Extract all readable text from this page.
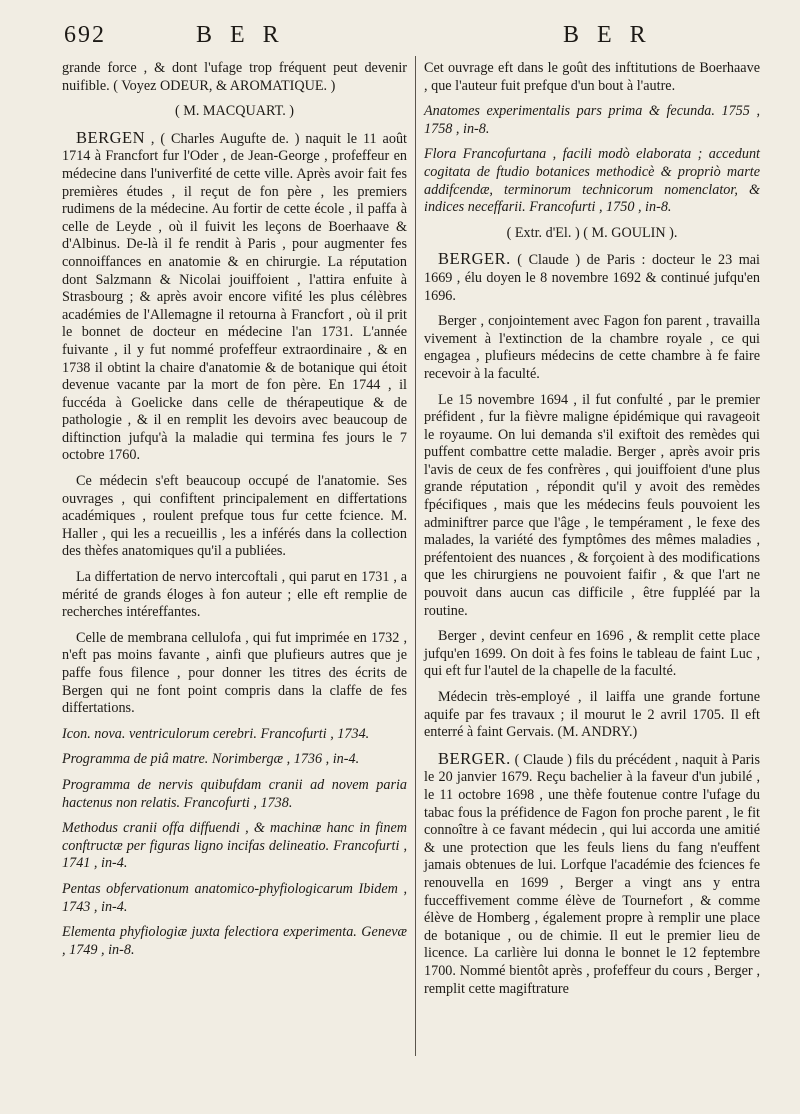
692	B E R	B E R

grande force , & dont l'ufage trop fréquent peut devenir nuifible. ( Voyez ODEUR, & AROMATIQUE. )

( M. MACQUART. )

BERGEN , ( Charles Augufte de. ) naquit le 11 août 1714 à Francfort fur l'Oder , de Jean-George , profeffeur en médecine dans l'univerfité de cette ville. Après avoir fait fes premières études , il reçut de fon père , les premiers rudimens de la médecine. Au fortir de cette école , il paffa à celle de Leyde , où il fuivit les leçons de Boerhaave & d'Albinus. De-là il fe rendit à Paris , pour augmenter fes connoiffances en anatomie & en chirurgie. La réputation dont Salzmann & Nicolai jouiffoient , l'attira enfuite à Strasbourg ; & après avoir encore vifité les plus célèbres académies de l'Allemagne il retourna à Francfort , où il prit le bonnet de docteur en médecine l'an 1731. L'année fuivante , il y fut nommé profeffeur extraordinaire , & en 1738 il obtint la chaire d'anatomie & de botanique qui étoit devenue vacante par la mort de fon père. En 1744 , il fuccéda à Goelicke dans celle de thérapeutique & de pathologie , & il en remplit les devoirs avec beaucoup de diftinction jufqu'à la maladie qui termina fes jours le 7 octobre 1760.

Ce médecin s'eft beaucoup occupé de l'anatomie. Ses ouvrages , qui confiftent principalement en differtations académiques , roulent prefque tous fur cette fcience. M. Haller , qui les a recueillis , les a inférés dans la collection des thèfes anatomiques qu'il a publiées.

La differtation de nervo intercoftali , qui parut en 1731 , a mérité de grands éloges à fon auteur ; elle eft remplie de recherches intéreffantes.

Celle de membrana cellulofa , qui fut imprimée en 1732 , n'eft pas moins favante , ainfi que plufieurs autres que je paffe fous filence , pour donner les titres des écrits de Bergen qui ne font point compris dans la claffe de fes differtations.

Icon. nova. ventriculorum cerebri. Francofurti , 1734.

Programma de piâ matre. Norimbergæ , 1736 , in-4.

Programma de nervis quibufdam cranii ad novem paria hactenus non relatis. Francofurti , 1738.

Methodus cranii offa diffuendi , & machinæ hanc in finem conftructæ per figuras ligno incifas delineatio. Francofurti , 1741 , in-4.

Pentas obfervationum anatomico-phyfiologicarum Ibidem , 1743 , in-4.

Elementa phyfiologiæ juxta felectiora experimenta. Genevæ , 1749 , in-8.

Cet ouvrage eft dans le goût des inftitutions de Boerhaave , que l'auteur fuit prefque d'un bout à l'autre.

Anatomes experimentalis pars prima & fecunda. 1755 , 1758 , in-8.

Flora Francofurtana , facili modò elaborata ; accedunt cogitata de ftudio botanices methodicè & propriò marte addifcendæ, terminorum technicorum nomenclator, & indices neceffarii. Francofurti , 1750 , in-8.

( Extr. d'El. ) ( M. GOULIN ).

BERGER. ( Claude ) de Paris : docteur le 23 mai 1669 , élu doyen le 8 novembre 1692 & continué jufqu'en 1696.

Berger , conjointement avec Fagon fon parent , travailla vivement à l'extinction de la chambre royale , ce qui engagea , plufieurs médecins de cette chambre à fe faire recevoir à la faculté.

Le 15 novembre 1694 , il fut confulté , par le premier préfident , fur la fièvre maligne épidémique qui ravageoit le royaume. On lui demanda s'il exiftoit des remèdes qui puffent combattre cette maladie. Berger , après avoir pris l'avis de ceux de fes confrères , qui jouiffoient d'une plus grande réputation , répondit qu'il y avoit des remèdes fpécifiques , mais que les médecins feuls pouvoient les adminiftrer parce que l'âge , le tempérament , le fexe des malades, la variété des fymptômes des mêmes maladies , préfentoient des nuances , & forçoient à des modifications que les chirurgiens ne pouvoient faifir , & que l'art ne pouvoit dans aucun cas difficile , être fuppléé par la routine.

Berger , devint cenfeur en 1696 , & remplit cette place jufqu'en 1699. On doit à fes foins le tableau de faint Luc , qui eft fur l'autel de la chapelle de la faculté.

Médecin très-employé , il laiffa une grande fortune aquife par fes travaux ; il mourut le 2 avril 1705. Il eft enterré à faint Gervais. (M. ANDRY.)

BERGER. ( Claude ) fils du précédent , naquit à Paris le 20 janvier 1679. Reçu bachelier à la faveur d'un jubilé , le 11 octobre 1698 , une thèfe foutenue contre l'ufage du tabac fous la préfidence de Fagon fon proche parent , le fit connoître à ce favant médecin , qui lui accorda une amitié & une protection que les feuls liens du fang n'euffent jamais obtenues de lui. Lorfque l'académie des fciences fe renouvella en 1699 , Berger a vingt ans y entra fucceffivement comme élève de Tournefort , & comme élève de Homberg , également propre à remplir une place de botanique , ou de chimie. Il eut le premier lieu de licence. La carlière lui donna le bonnet le 12 feptembre 1700. Nommé bientôt après , profeffeur du cours , Berger , remplit cette magiftrature
